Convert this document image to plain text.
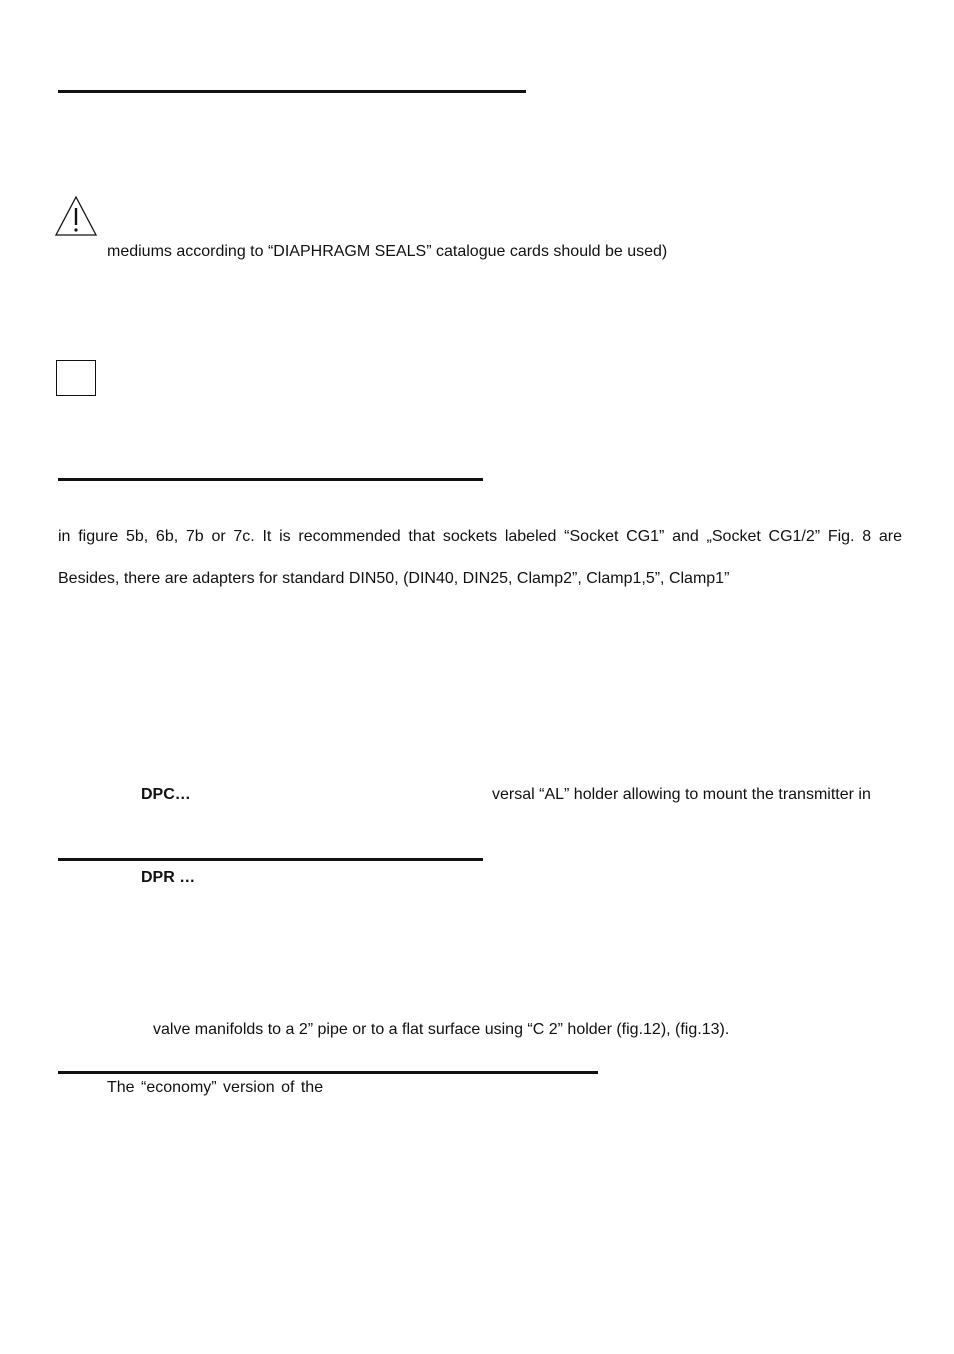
mediums according to “DIAPHRAGM SEALS” catalogue cards should be used)
in figure 5b, 6b, 7b or 7c. It is recommended that sockets labeled “Socket CG1” and „Socket CG1/2” Fig. 8 are
Besides, there are adapters for standard DIN50, (DIN40, DIN25, Clamp2”, Clamp1,5”, Clamp1”
DPC…	versal “AL” holder allowing to mount the transmitter in
DPR …
valve manifolds to a 2” pipe or to a flat surface using “C 2” holder (fig.12), (fig.13).
The “economy” version of the
